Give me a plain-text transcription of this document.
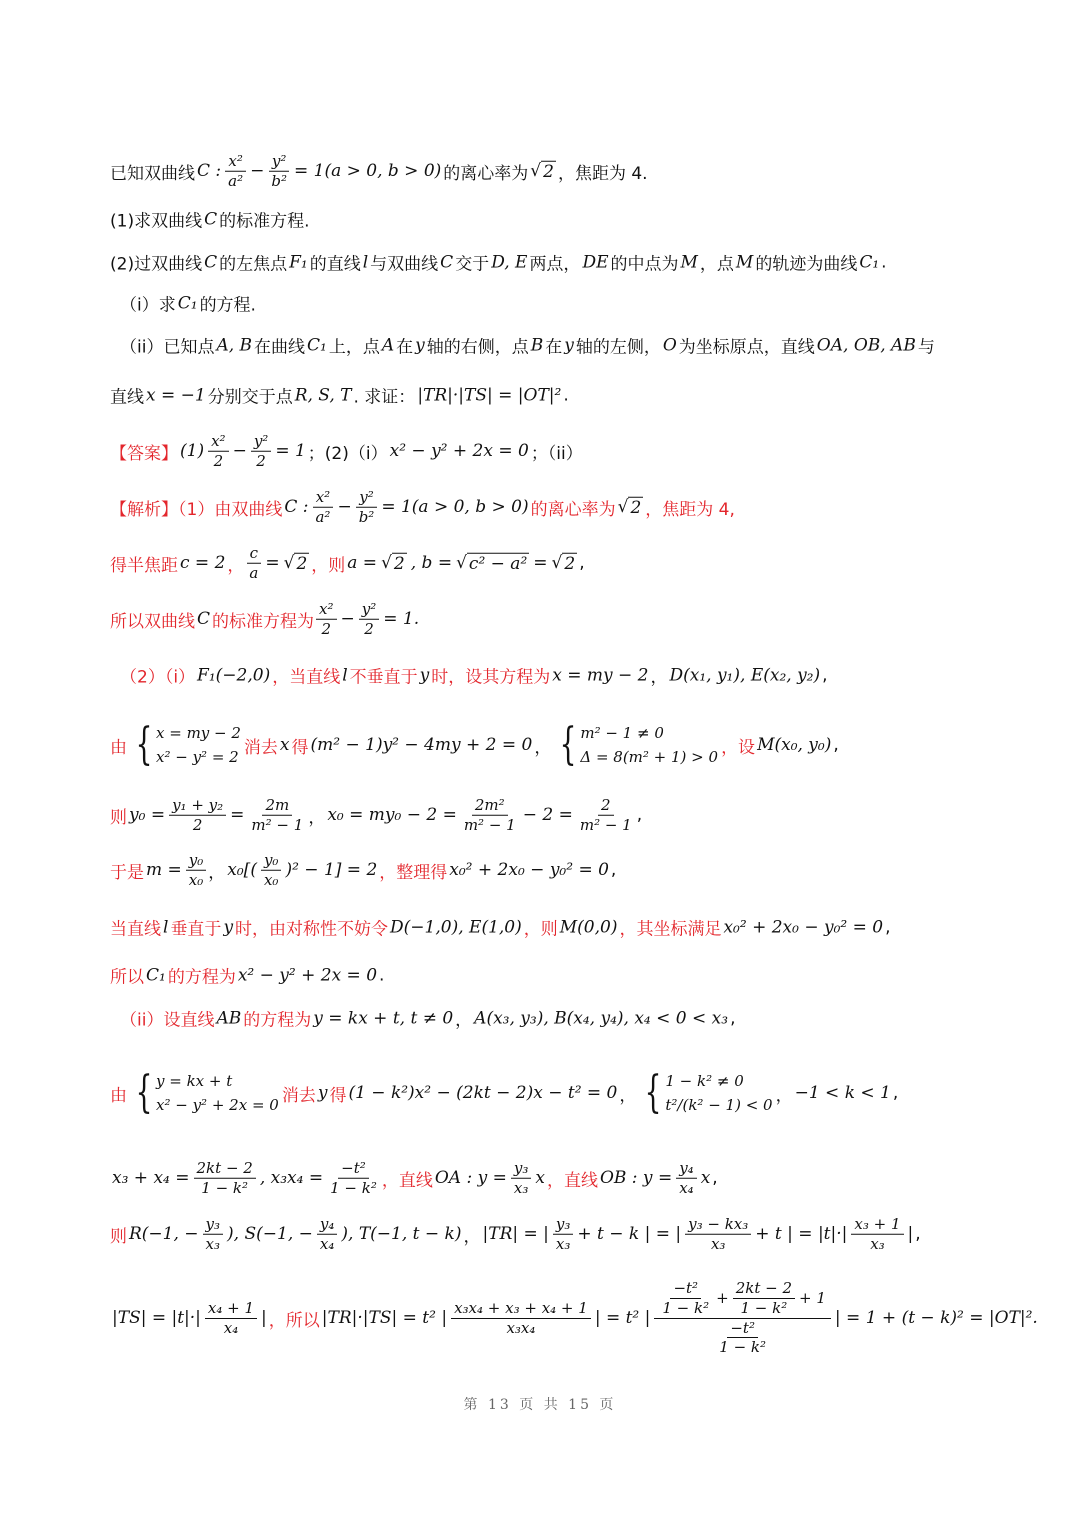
已知双曲线 C : $\frac{\text{x²}}{\text{a²}} - \frac{\text{y²}}{\text{b²}} = 1(a > 0$, b > 0) 的离心率为 √ 2 ，焦距为 4.
(1)求双曲线 C 的标准方程.
(2)过双曲线 C 的左焦点 F₁ 的直线 l 与双曲线 C 交于 D, E 两点， DE 的中点为 M ，点 M 的轨迹为曲线 C₁ .
（i）求 C₁ 的方程.
（ii）已知点 A, B 在曲线 C₁ 上，点 A 在 y 轴的右侧，点 B 在 y 轴的左侧， O 为坐标原点，直线 OA, OB, AB 与
直线 x = −1 分别交于点 R, S, T . 求证： |TR|·|TS| = |OT|² .
【答案】 $(1) \frac{\text{x²}}{2} - \frac{\text{y²}}{2} = 1$ ；(2)（i） x² − y² + 2x = 0 ；（ii）
【解析】（1）由双曲线 C : $\frac{\text{x²}}{\text{a²}} - \frac{\text{y²}}{\text{b²}} = 1(a > 0$, b > 0) 的离心率为 √ 2 ，焦距为 4,
得半焦距 c = 2 ， $\frac{c}{a}$ = √ 2 ，则 a = √ 2 , b = √ c² − a² = √ 2 ,
所以双曲线 C 的标准方程为 $\frac{\text{x²}}{2} - \frac{\text{y²}}{2} = 1$.
（2）（i） F₁(−2,0) ，当直线 l 不垂直于 y 时，设其方程为 x = my − 2 ， D(x₁, y₁), E(x₂, y₂) ,
由 { x = my − 2
x² − y² = 2 消去 x 得 (m² − 1)y² − 4my + 2 = 0 ， { m² − 1 ≠ 0
Δ = 8(m² + 1) > 0 ，设 M(x₀, y₀) ,
则 $y_0 = \frac{\text{y₁ + y₂}}{2} = \frac{2m}{\text{m² − 1}}$ ， $x_0 = my_0 - 2 = \frac{\text{2m²}}{\text{m² − 1}} - 2 = \frac{2}{\text{m² − 1}}$ ,
于是 $m = \frac{\text{y₀}}{\text{x₀}}$ ， $x_0[( \frac{\text{y₀}}{\text{x₀}} )^2 - 1] = 2$ ，整理得 x₀² + 2x₀ − y₀² = 0 ,
当直线 l 垂直于 y 时，由对称性不妨令 D(−1,0), E(1,0) ，则 M(0,0) ，其坐标满足 x₀² + 2x₀ − y₀² = 0 ,
所以 C₁ 的方程为 x² − y² + 2x = 0 .
（ii）设直线 AB 的方程为 y = kx + t, t ≠ 0 ， A(x₃, y₃), B(x₄, y₄), x₄ < 0 < x₃ ,
由 { y = kx + t
x² − y² + 2x = 0 消去 y 得 (1 − k²)x² − (2kt − 2)x − t² = 0 ， { 1 − k² ≠ 0
t²/(k² − 1) < 0 ， −1 < k < 1 ,
$x_3 + x_4 = \frac{2kt - 2}{\text{1 − k²}}$ , $x_3x_4 = \frac{\text{−t²}}{\text{1 − k²}}$ ，直线 OA : $y = \frac{\text{y₃}}{\text{x₃}}$ x ，直线 OB : $y = \frac{\text{y₄}}{\text{x₄}}$ x ,
则 R(−1, − $\frac{\text{y₃}}{\text{x₃}}$ ), S(−1, − $\frac{\text{y₄}}{\text{x₄}}$ ), T(−1, t − k) ， |TR| = | $\frac{\text{y₃}}{\text{x₃}} + t - k$ | = | $\frac{\text{y₃ − kx₃}}{\text{x₃}} + t$ | = $|t|\cdot| \frac{\text{x₃ + 1}}{\text{x₃}}$ | ,
$|TS| = |t|\cdot| \frac{\text{x₄ + 1}}{\text{x₄}}$ | ，所以 |TR|·|TS| = t² | $\frac{\text{x₃x₄ + x₃ + x₄ + 1}}{\text{x₃x₄}}$ | = t² | $\frac{\frac{\text{−t²}}{\text{1 − k²}} + \frac{2kt - 2}{\text{1 − k²}} + 1}{\frac{\text{−t²}}{\text{1 − k²}}}$ | = 1 + (t − k)² = |OT|².
第 13 页 共 15 页
